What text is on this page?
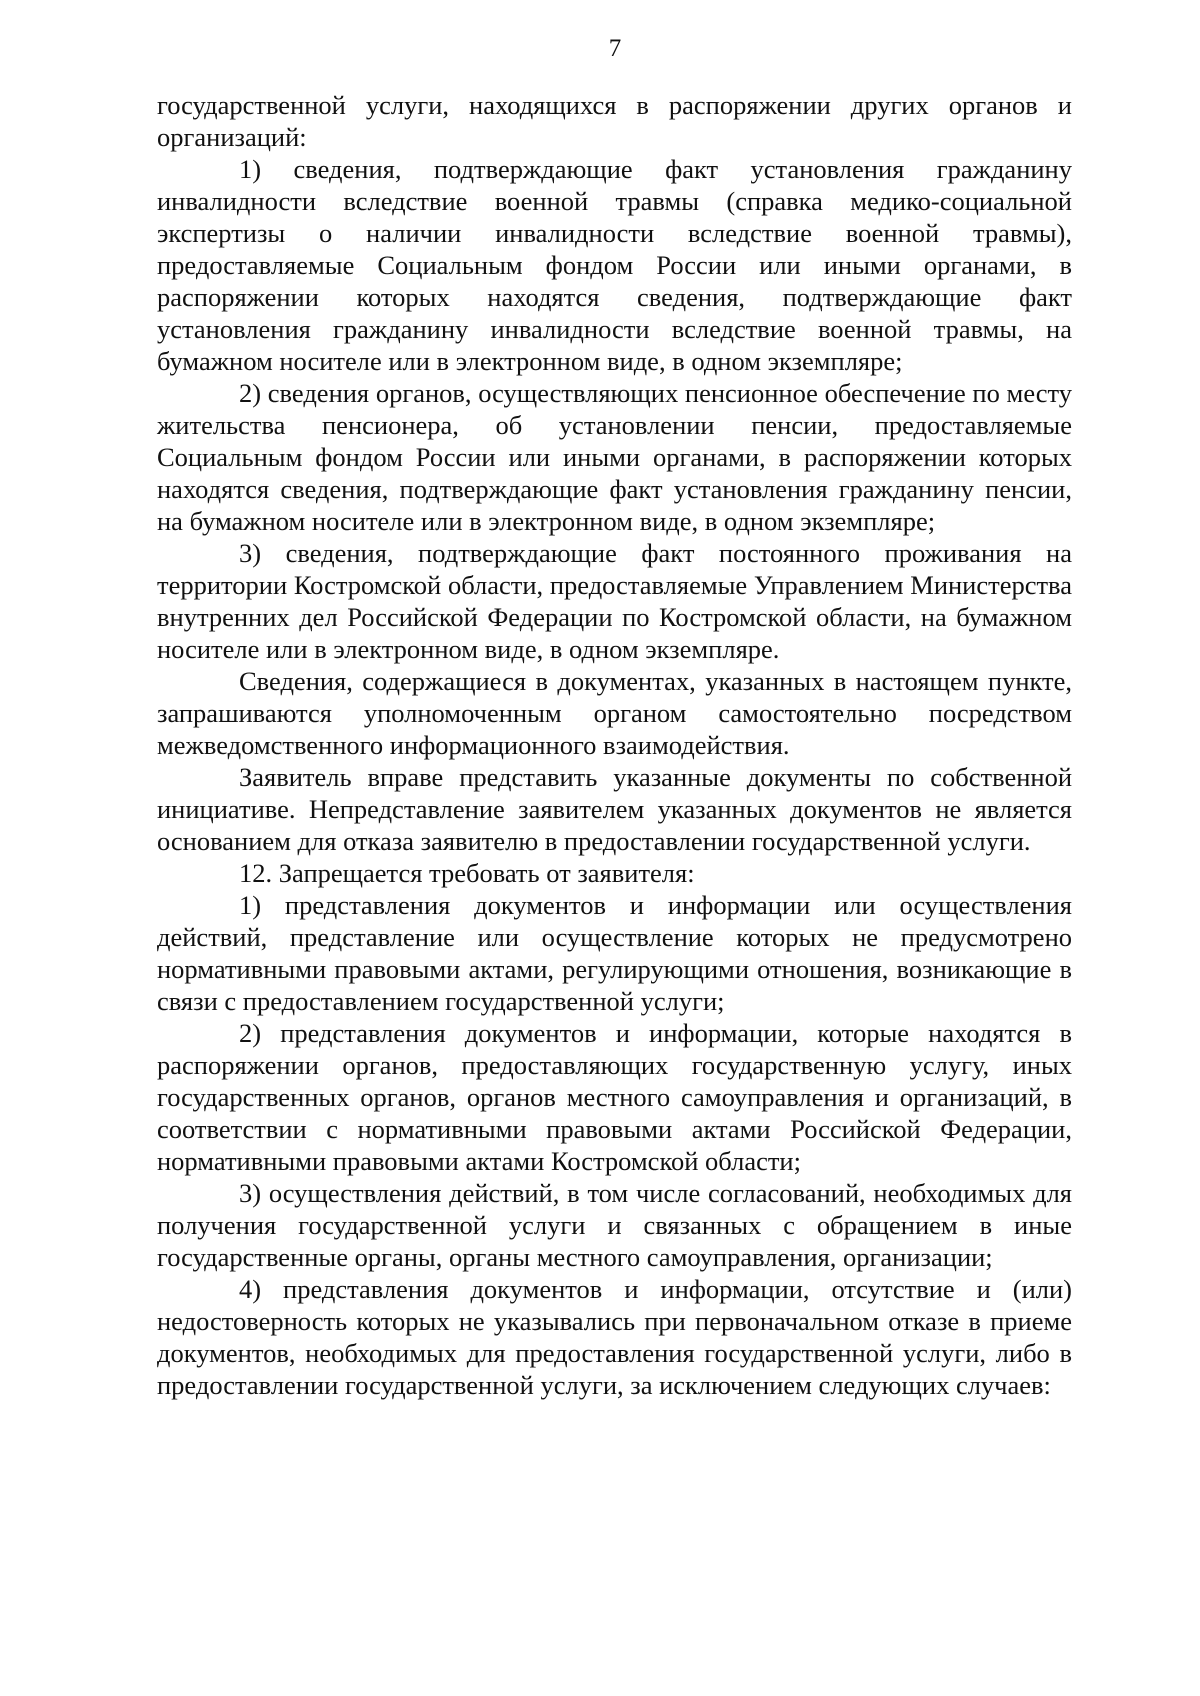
7

государственной услуги, находящихся в распоряжении других органов и организаций:

1) сведения, подтверждающие факт установления гражданину инвалидности вследствие военной травмы (справка медико-социальной экспертизы о наличии инвалидности вследствие военной травмы), предоставляемые Социальным фондом России или иными органами, в распоряжении которых находятся сведения, подтверждающие факт установления гражданину инвалидности вследствие военной травмы, на бумажном носителе или в электронном виде, в одном экземпляре;

2) сведения органов, осуществляющих пенсионное обеспечение по месту жительства пенсионера, об установлении пенсии, предоставляемые Социальным фондом России или иными органами, в распоряжении которых находятся сведения, подтверждающие факт установления гражданину пенсии, на бумажном носителе или в электронном виде, в одном экземпляре;

3) сведения, подтверждающие факт постоянного проживания на территории Костромской области, предоставляемые Управлением Министерства внутренних дел Российской Федерации по Костромской области, на бумажном носителе или в электронном виде, в одном экземпляре.

Сведения, содержащиеся в документах, указанных в настоящем пункте, запрашиваются уполномоченным органом самостоятельно посредством межведомственного информационного взаимодействия.

Заявитель вправе представить указанные документы по собственной инициативе. Непредставление заявителем указанных документов не является основанием для отказа заявителю в предоставлении государственной услуги.

12. Запрещается требовать от заявителя:

1) представления документов и информации или осуществления действий, представление или осуществление которых не предусмотрено нормативными правовыми актами, регулирующими отношения, возникающие в связи с предоставлением государственной услуги;

2) представления документов и информации, которые находятся в распоряжении органов, предоставляющих государственную услугу, иных государственных органов, органов местного самоуправления и организаций, в соответствии с нормативными правовыми актами Российской Федерации, нормативными правовыми актами Костромской области;

3) осуществления действий, в том числе согласований, необходимых для получения государственной услуги и связанных с обращением в иные государственные органы, органы местного самоуправления, организации;

4) представления документов и информации, отсутствие и (или) недостоверность которых не указывались при первоначальном отказе в приеме документов, необходимых для предоставления государственной услуги, либо в предоставлении государственной услуги, за исключением следующих случаев:
